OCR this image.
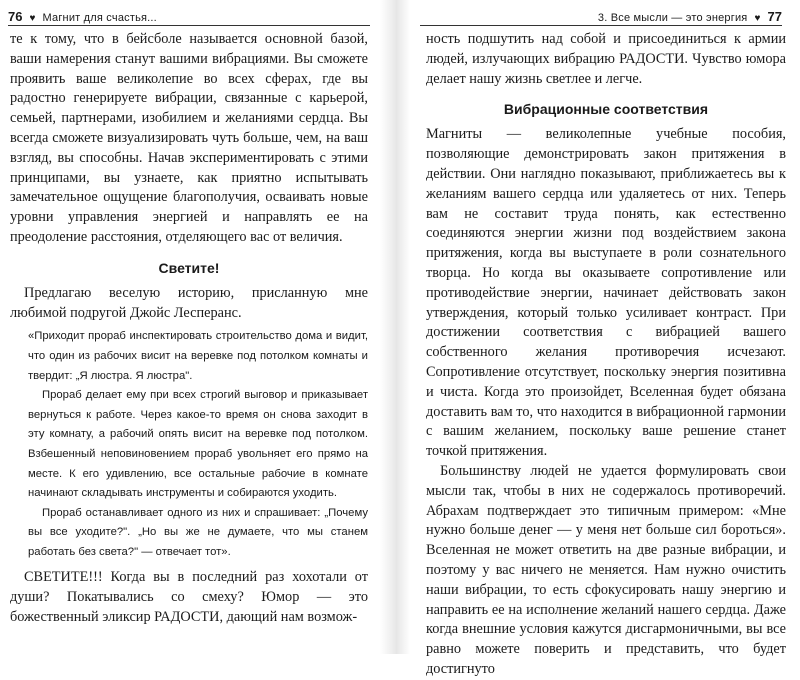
76 ♥ Магнит для счастья...

те к тому, что в бейсболе называется основной базой, ваши намерения станут вашими вибрациями. Вы сможете проявить ваше великолепие во всех сферах, где вы радостно генерируете вибрации, связанные с карьерой, семьей, партнерами, изобилием и желаниями сердца. Вы всегда сможете визуализировать чуть больше, чем, на ваш взгляд, вы способны. Начав экспериментировать с этими принципами, вы узнаете, как приятно испытывать замечательное ощущение благополучия, осваивать новые уровни управления энергией и направлять ее на преодоление расстояния, отделяющего вас от величия.

Светите!

Предлагаю веселую историю, присланную мне любимой подругой Джойс Лесперанс.

«Приходит прораб инспектировать строительство дома и видит, что один из рабочих висит на веревке под потолком комнаты и твердит: „Я люстра. Я люстра".

Прораб делает ему при всех строгий выговор и приказывает вернуться к работе. Через какое-то время он снова заходит в эту комнату, а рабочий опять висит на веревке под потолком. Взбешенный неповиновением прораб увольняет его прямо на месте. К его удивлению, все остальные рабочие в комнате начинают складывать инструменты и собираются уходить.

Прораб останавливает одного из них и спрашивает: „Почему вы все уходите?". „Но вы же не думаете, что мы станем работать без света?" — отвечает тот».

СВЕТИТЕ!!! Когда вы в последний раз хохотали от души? Покатывались со смеху? Юмор — это божественный эликсир РАДОСТИ, дающий нам возмож-

3. Все мысли — это энергия ♥ 77

ность подшутить над собой и присоединиться к армии людей, излучающих вибрацию РАДОСТИ. Чувство юмора делает нашу жизнь светлее и легче.

Вибрационные соответствия

Магниты — великолепные учебные пособия, позволяющие демонстрировать закон притяжения в действии. Они наглядно показывают, приближаетесь вы к желаниям вашего сердца или удаляетесь от них. Теперь вам не составит труда понять, как естественно соединяются энергии жизни под воздействием закона притяжения, когда вы выступаете в роли сознательного творца. Но когда вы оказываете сопротивление или противодействие энергии, начинает действовать закон утверждения, который только усиливает контраст. При достижении соответствия с вибрацией вашего собственного желания противоречия исчезают. Сопротивление отсутствует, поскольку энергия позитивна и чиста. Когда это произойдет, Вселенная будет обязана доставить вам то, что находится в вибрационной гармонии с вашим желанием, поскольку ваше решение станет точкой притяжения.

Большинству людей не удается формулировать свои мысли так, чтобы в них не содержалось противоречий. Абрахам подтверждает это типичным примером: «Мне нужно больше денег — у меня нет больше сил бороться». Вселенная не может ответить на две разные вибрации, и поэтому у вас ничего не меняется. Нам нужно очистить наши вибрации, то есть сфокусировать нашу энергию и направить ее на исполнение желаний нашего сердца. Даже когда внешние условия кажутся дисгармоничными, вы все равно можете поверить и представить, что будет достигнуто
